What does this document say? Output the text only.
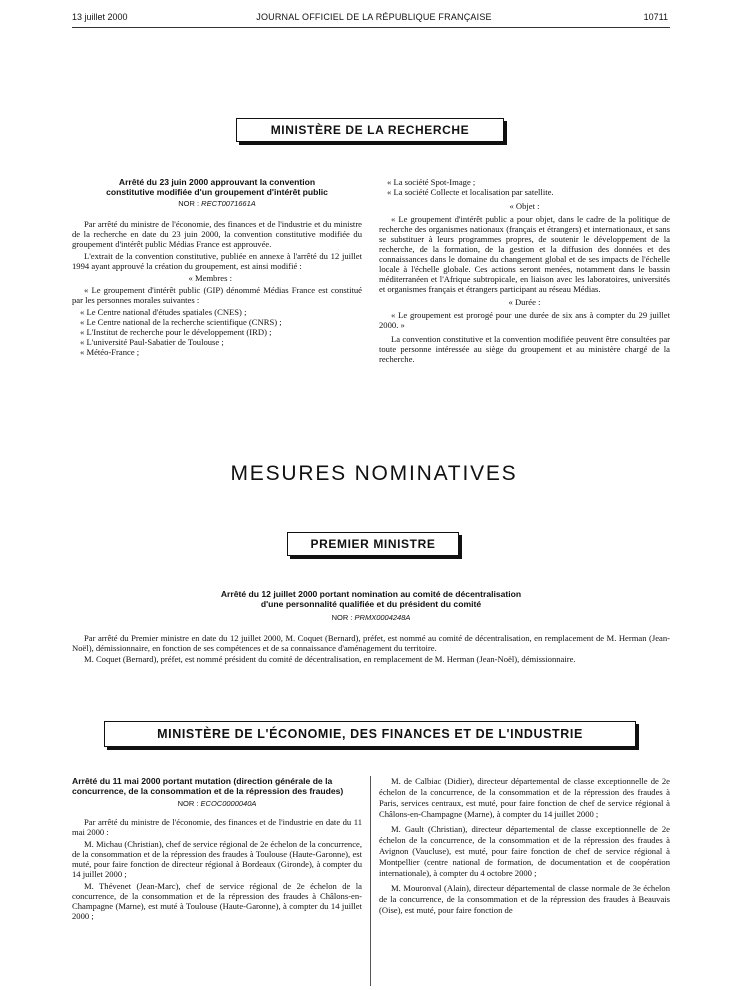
13 juillet 2000	JOURNAL OFFICIEL DE LA RÉPUBLIQUE FRANÇAISE	10711
MINISTÈRE DE LA RECHERCHE
Arrêté du 23 juin 2000 approuvant la convention constitutive modifiée d'un groupement d'intérêt public
NOR : RECT0071661A

Par arrêté du ministre de l'économie, des finances et de l'industrie et du ministre de la recherche en date du 23 juin 2000, la convention constitutive modifiée du groupement d'intérêt public Médias France est approuvée.

L'extrait de la convention constitutive, publiée en annexe à l'arrêté du 12 juillet 1994 ayant approuvé la création du groupement, est ainsi modifié :

« Membres :

« Le groupement d'intérêt public (GIP) dénommé Médias France est constitué par les personnes morales suivantes :

« Le Centre national d'études spatiales (CNES) ;

« Le Centre national de la recherche scientifique (CNRS) ;

« L'Institut de recherche pour le développement (IRD) ;

« L'université Paul-Sabatier de Toulouse ;

« Météo-France ;

« La société Spot-Image ;

« La société Collecte et localisation par satellite.

« Objet :

« Le groupement d'intérêt public a pour objet, dans le cadre de la politique de recherche des organismes nationaux (français et étrangers) et internationaux, et sans se substituer à leurs programmes propres, de soutenir le développement de la recherche, de la formation, de la gestion et la diffusion des données et des connaissances dans le domaine du changement global et de ses impacts de l'échelle locale à l'échelle globale. Ces actions seront menées, notamment dans le bassin méditerranéen et l'Afrique subtropicale, en liaison avec les laboratoires, universités et organismes français et étrangers participant au réseau Médias.

« Durée :

« Le groupement est prorogé pour une durée de six ans à compter du 29 juillet 2000. »

La convention constitutive et la convention modifiée peuvent être consultées par toute personne intéressée au siège du groupement et au ministère chargé de la recherche.

MESURES NOMINATIVES
PREMIER MINISTRE
Arrêté du 12 juillet 2000 portant nomination au comité de décentralisation
d'une personnalité qualifiée et du président du comité
NOR : PRMX0004248A

Par arrêté du Premier ministre en date du 12 juillet 2000, M. Coquet (Bernard), préfet, est nommé au comité de décentralisation, en remplacement de M. Herman (Jean-Noël), démissionnaire, en fonction de ses compétences et de sa connaissance d'aménagement du territoire.

M. Coquet (Bernard), préfet, est nommé président du comité de décentralisation, en remplacement de M. Herman (Jean-Noël), démissionnaire.

MINISTÈRE DE L'ÉCONOMIE, DES FINANCES ET DE L'INDUSTRIE
Arrêté du 11 mai 2000 portant mutation (direction générale de la concurrence, de la consommation et de la répression des fraudes)
NOR : ECOC0000040A

Par arrêté du ministre de l'économie, des finances et de l'industrie en date du 11 mai 2000 :

M. Michau (Christian), chef de service régional de 2e échelon de la concurrence, de la consommation et de la répression des fraudes à Toulouse (Haute-Garonne), est muté, pour faire fonction de directeur régional à Bordeaux (Gironde), à compter du 14 juillet 2000 ;

M. Thévenet (Jean-Marc), chef de service régional de 2e échelon de la concurrence, de la consommation et de la répression des fraudes à Châlons-en-Champagne (Marne), est muté à Toulouse (Haute-Garonne), à compter du 14 juillet 2000 ;

M. de Calbiac (Didier), directeur départemental de classe exceptionnelle de 2e échelon de la concurrence, de la consommation et de la répression des fraudes à Paris, services centraux, est muté, pour faire fonction de chef de service régional à Châlons-en-Champagne (Marne), à compter du 14 juillet 2000 ;

M. Gault (Christian), directeur départemental de classe exceptionnelle de 2e échelon de la concurrence, de la consommation et de la répression des fraudes à Avignon (Vaucluse), est muté, pour faire fonction de chef de service régional à Montpellier (centre national de formation, de documentation et de coopération internationale), à compter du 4 octobre 2000 ;

M. Mouronval (Alain), directeur départemental de classe normale de 3e échelon de la concurrence, de la consommation et de la répression des fraudes à Beauvais (Oise), est muté, pour faire fonction de
